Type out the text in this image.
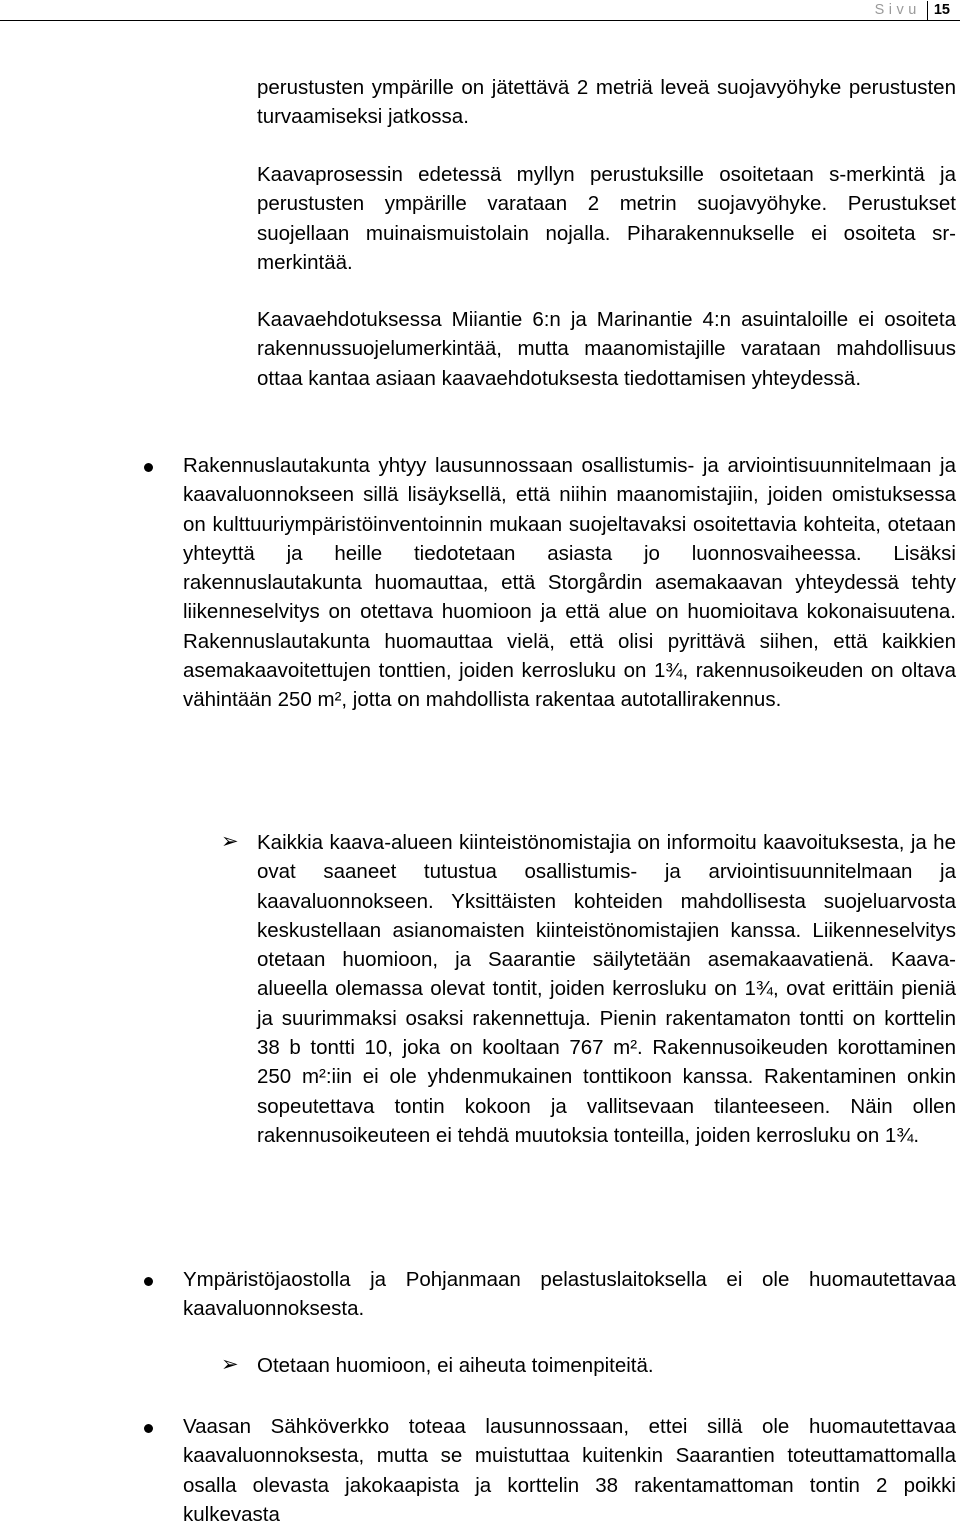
Sivu 15

perustusten ympärille on jätettävä 2 metriä leveä suojavyöhyke perustusten turvaamiseksi jatkossa.

Kaavaprosessin edetessä myllyn perustuksille osoitetaan s-merkintä ja perustusten ympärille varataan 2 metrin suojavyöhyke. Perustukset suojellaan muinaismuistolain nojalla. Piharakennukselle ei osoiteta sr-merkintää.

Kaavaehdotuksessa Miiantie 6:n ja Marinantie 4:n asuintaloille ei osoiteta rakennussuojelumerkintää, mutta maanomistajille varataan mahdollisuus ottaa kantaa asiaan kaavaehdotuksesta tiedottamisen yhteydessä.

Rakennuslautakunta yhtyy lausunnossaan osallistumis- ja arviointisuunnitelmaan ja kaavaluonnokseen sillä lisäyksellä, että niihin maanomistajiin, joiden omistuksessa on kulttuuriympäristöinventoinnin mukaan suojeltavaksi osoitettavia kohteita, otetaan yhteyttä ja heille tiedotetaan asiasta jo luonnosvaiheessa. Lisäksi rakennuslautakunta huomauttaa, että Storgårdin asemakaavan yhteydessä tehty liikenneselvitys on otettava huomioon ja että alue on huomioitava kokonaisuutena. Rakennuslautakunta huomauttaa vielä, että olisi pyrittävä siihen, että kaikkien asemakaavoitettujen tonttien, joiden kerrosluku on 1¾, rakennusoikeuden on oltava vähintään 250 m², jotta on mahdollista rakentaa autotallirakennus.

➢ Kaikkia kaava-alueen kiinteistönomistajia on informoitu kaavoituksesta, ja he ovat saaneet tutustua osallistumis- ja arviointisuunnitelmaan ja kaavaluonnokseen. Yksittäisten kohteiden mahdollisesta suojeluarvosta keskustellaan asianomaisten kiinteistönomistajien kanssa. Liikenneselvitys otetaan huomioon, ja Saarantie säilytetään asemakaavatienä. Kaava-alueella olemassa olevat tontit, joiden kerrosluku on 1¾, ovat erittäin pieniä ja suurimmaksi osaksi rakennettuja. Pienin rakentamaton tontti on korttelin 38 b tontti 10, joka on kooltaan 767 m². Rakennusoikeuden korottaminen 250 m²:iin ei ole yhdenmukainen tonttikoon kanssa. Rakentaminen onkin sopeutettava tontin kokoon ja vallitsevaan tilanteeseen. Näin ollen rakennusoikeuteen ei tehdä muutoksia tonteilla, joiden kerrosluku on 1¾.

Ympäristöjaostolla ja Pohjanmaan pelastuslaitoksella ei ole huomautettavaa kaavaluonnoksesta.

➢ Otetaan huomioon, ei aiheuta toimenpiteitä.

Vaasan Sähköverkko toteaa lausunnossaan, ettei sillä ole huomautettavaa kaavaluonnoksesta, mutta se muistuttaa kuitenkin Saarantien toteuttamattomalla osalla olevasta jakokaapista ja korttelin 38 rakentamattoman tontin 2 poikki kulkevasta
